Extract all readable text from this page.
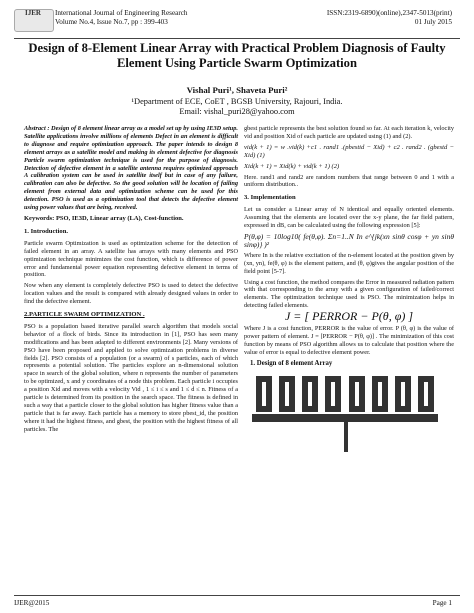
IJER	International Journal of Engineering Research
Volume No.4, Issue No.7, pp : 399-403
ISSN:2319-6890)(online),2347-5013(print)
01 July 2015
Design of 8-Element Linear Array with Practical Problem Diagnosis of Faulty Element Using Particle Swarm Optimization
Vishal Puri¹, Shaveta Puri²
¹Department of ECE, CoET , BGSB University, Rajouri, India.
Email: vishal_puri28@yahoo.com

Abstract : Design of 8 element linear array as a model set up by using IE3D setup. Satellite applications involve millions of elements Defect in an element is difficult to diagnose and require optimization approach. The paper intends to design 8 element arrays as a satellite model and making its element defective for diagnosis Particle swarm optimization technique is used for the purpose of diagnosis. Detection of defective element in a satellite antenna requires optimized approach A calibration system can be used in satellite itself but in case of any failure, calibration can also be defective. So the good solution will be location of failing element from external data and optimization scheme can be used for this detection. PSO is used as a optimization tool that detects the defective element using power values that are being, received.

Keywords: PSO, IE3D, Linear array (LA), Cost-function.

1. Introduction.

Particle swarm Optimization is used as optimization scheme for the detection of failed element in an array. A satellite has arrays with many elements and PSO optimization technique minimizes the cost function, which is difference of power error and fundamental power equation representing defective element in terms of position.

Now when any element is completely defective PSO is used to detect the defective location values and the result is compared with already designed values in order to find the defective element.

2.PARTICLE SWARM OPTIMIZATION .

PSO is a population based iterative parallel search algorithm that models social behavior of a flock of birds. Since its introduction in [1], PSO has seen many modifications and has been adapted to different environments [2]. Many versions of PSO have been proposed and applied to solve optimization problems in diverse fields [2]. PSO consists of a population (or a swarm) of s particles, each of which represents a potential solution. The particles explore an n-dimensional solution space in search of the global solution, where n represents the number of parameters to be optimized, x and y coordinates of a node this problem. Each particle i occupies a position Xid and moves with a velocity Vid , 1 ≤ i ≤ s and 1 ≤ d ≤ n. Fitness of a particle is determined from its position in the search space. The fitness is defined in such a way that a particle closer to the global solution has higher fitness value than a particle that is far away. Each particle has a memory to store pbest_id, the position where it had the highest fitness, and gbest, the position with the highest fitness of all particles. The

gbest particle represents the best solution found so far. At each iteration k, velocity vid and position Xid of each particle are updated using (1) and (2).

vid(k + 1) = w .vid(k) +c1 . rand1 .(pbestid − Xid) + c2 . rand2 . (gbestd − Xid) (1)
Xid(k + 1) = Xid(k) + vid(k + 1) (2)

Here. rand1 and rand2 are random numbers that range between 0 and 1 with a uniform distribution..

3. Implementation

Let us consider a Linear array of N identical and equally oriented elements. Assuming that the elements are located over the x-y plane, the far field pattern, expressed in dB, can be calculated using the following expression [5]:

P(θ,φ) = 10log10( fe(θ,φ). Σn=1..N In e^{jk(xn sinθ cosφ + yn sinθ sinφ)} )²

Where In is the relative excitation of the n-element located at the position given by (xn, yn), fe(θ, φ) is the element pattern, and (θ, φ)gives the angular position of the field point [5-7].

Using a cost function, the method compares the Error in measured radiation pattern with that corresponding to the array with a given configuration of failed/correct elements. The optimization technique used is PSO. The minimization helps in detecting failed elements.

J = [ PERROR − P(θ, φ) ]

Where J is a cost function, PERROR is the value of error. P (θ, φ) is the value of power pattern of element. J = [PERROR − P(θ, φ)] . The minimization of this cost function by means of PSO algorithm allows us to calculate that position where the value of error is equal to defective element power.

1. Design of 8 element Array
IJER@2015	Page 1
